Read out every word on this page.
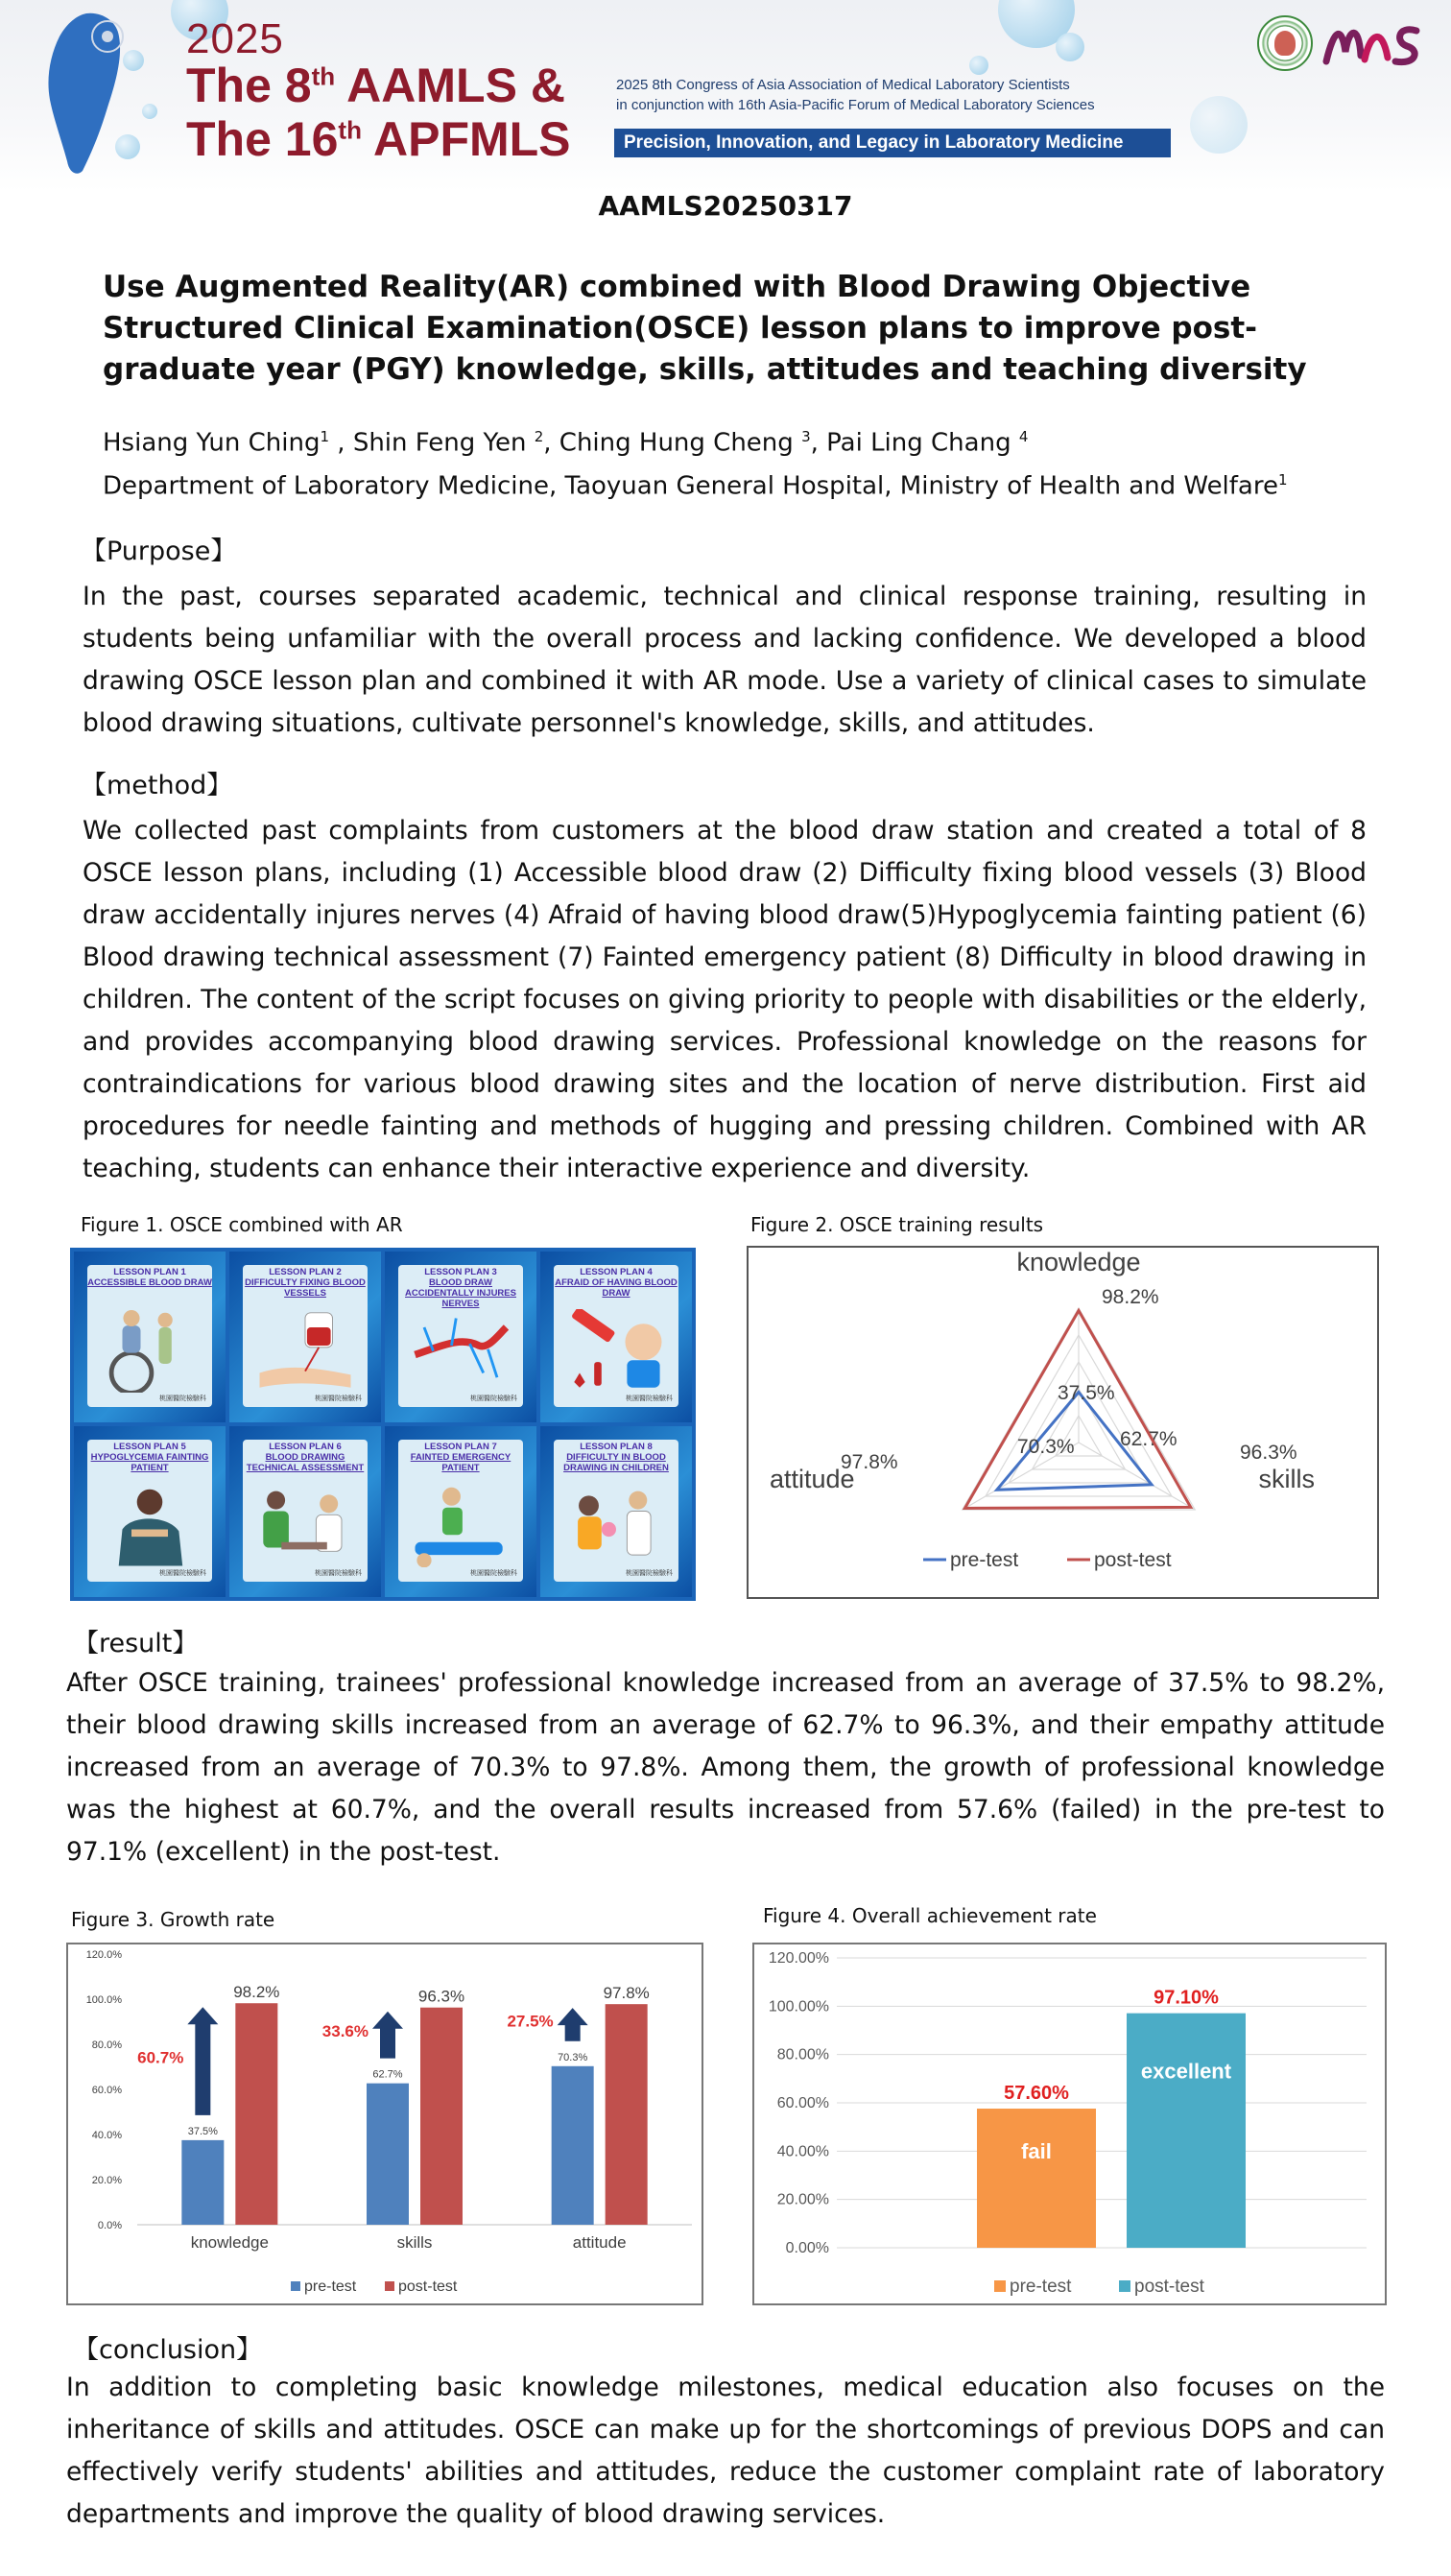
2025
The 8th AAMLS &
The 16th APFMLS
2025 8th Congress of Asia Association of Medical Laboratory Scientists
in conjunction with 16th Asia-Pacific Forum of Medical Laboratory Sciences
Precision, Innovation, and Legacy in Laboratory Medicine
AAMLS20250317
Use Augmented Reality(AR) combined with Blood Drawing Objective Structured Clinical Examination(OSCE) lesson plans to improve post-graduate year (PGY) knowledge, skills, attitudes and teaching diversity
Hsiang Yun Ching$^1$ , Shin Feng Yen $^2$, Ching Hung Cheng $^3$, Pai Ling Chang $^4$
Department of Laboratory Medicine, Taoyuan General Hospital, Ministry of Health and Welfare$^1$
【Purpose】
In the past, courses separated academic, technical and clinical response training, resulting in students being unfamiliar with the overall process and lacking confidence. We developed a blood drawing OSCE lesson plan and combined it with AR mode. Use a variety of clinical cases to simulate blood drawing situations, cultivate personnel's knowledge, skills, and attitudes.
【method】
We collected past complaints from customers at the blood draw station and created a total of 8 OSCE lesson plans, including (1) Accessible blood draw (2) Difficulty fixing blood vessels (3) Blood draw accidentally injures nerves (4) Afraid of having blood draw(5)Hypoglycemia fainting patient (6) Blood drawing technical assessment (7) Fainted emergency patient (8) Difficulty in blood drawing in children. The content of the script focuses on giving priority to people with disabilities or the elderly, and provides accompanying blood drawing services. Professional knowledge on the reasons for contraindications for various blood drawing sites and the location of nerve distribution. First aid procedures for needle fainting and methods of hugging and pressing children. Combined with AR teaching, students can enhance their interactive experience and diversity.
Figure 1. OSCE combined with AR
LESSON PLAN 1
ACCESSIBLE BLOOD DRAW
桃園醫院檢驗科
LESSON PLAN 2
DIFFICULTY FIXING BLOOD VESSELS
桃園醫院檢驗科
LESSON PLAN 3
BLOOD DRAW ACCIDENTALLY INJURES NERVES
桃園醫院檢驗科
LESSON PLAN 4
AFRAID OF HAVING BLOOD DRAW
桃園醫院檢驗科
LESSON PLAN 5
HYPOGLYCEMIA FAINTING PATIENT
桃園醫院檢驗科
LESSON PLAN 6
BLOOD DRAWING TECHNICAL ASSESSMENT
桃園醫院檢驗科
LESSON PLAN 7
FAINTED EMERGENCY PATIENT
桃園醫院檢驗科
LESSON PLAN 8
DIFFICULTY IN BLOOD DRAWING IN CHILDREN
桃園醫院檢驗科
Figure 2. OSCE training results
knowledge
skills
attitude
37.5%
62.7%
70.3%
98.2%
96.3%
97.8%
pre-test	post-test
【result】
After OSCE training, trainees' professional knowledge increased from an average of 37.5% to 98.2%, their blood drawing skills increased from an average of 62.7% to 96.3%, and their empathy attitude increased from an average of 70.3% to 97.8%. Among them, the growth of professional knowledge was the highest at 60.7%, and the overall results increased from 57.6% (failed) in the pre-test to 97.1% (excellent) in the post-test.
Figure 3. Growth rate
0.0%
20.0%
40.0%
60.0%
80.0%
100.0%
120.0%
37.5%
98.2%
knowledge
60.7%
62.7%
96.3%
skills
33.6%
70.3%
97.8%
attitude
27.5%
pre-test	post-test
Figure 4. Overall achievement rate
0.00%
20.00%
40.00%
60.00%
80.00%
100.00%
120.00%
57.60%
fail
97.10%
excellent
pre-test	post-test
【conclusion】
In addition to completing basic knowledge milestones, medical education also focuses on the inheritance of skills and attitudes. OSCE can make up for the shortcomings of previous DOPS and can effectively verify students' abilities and attitudes, reduce the customer complaint rate of laboratory departments and improve the quality of blood drawing services.
